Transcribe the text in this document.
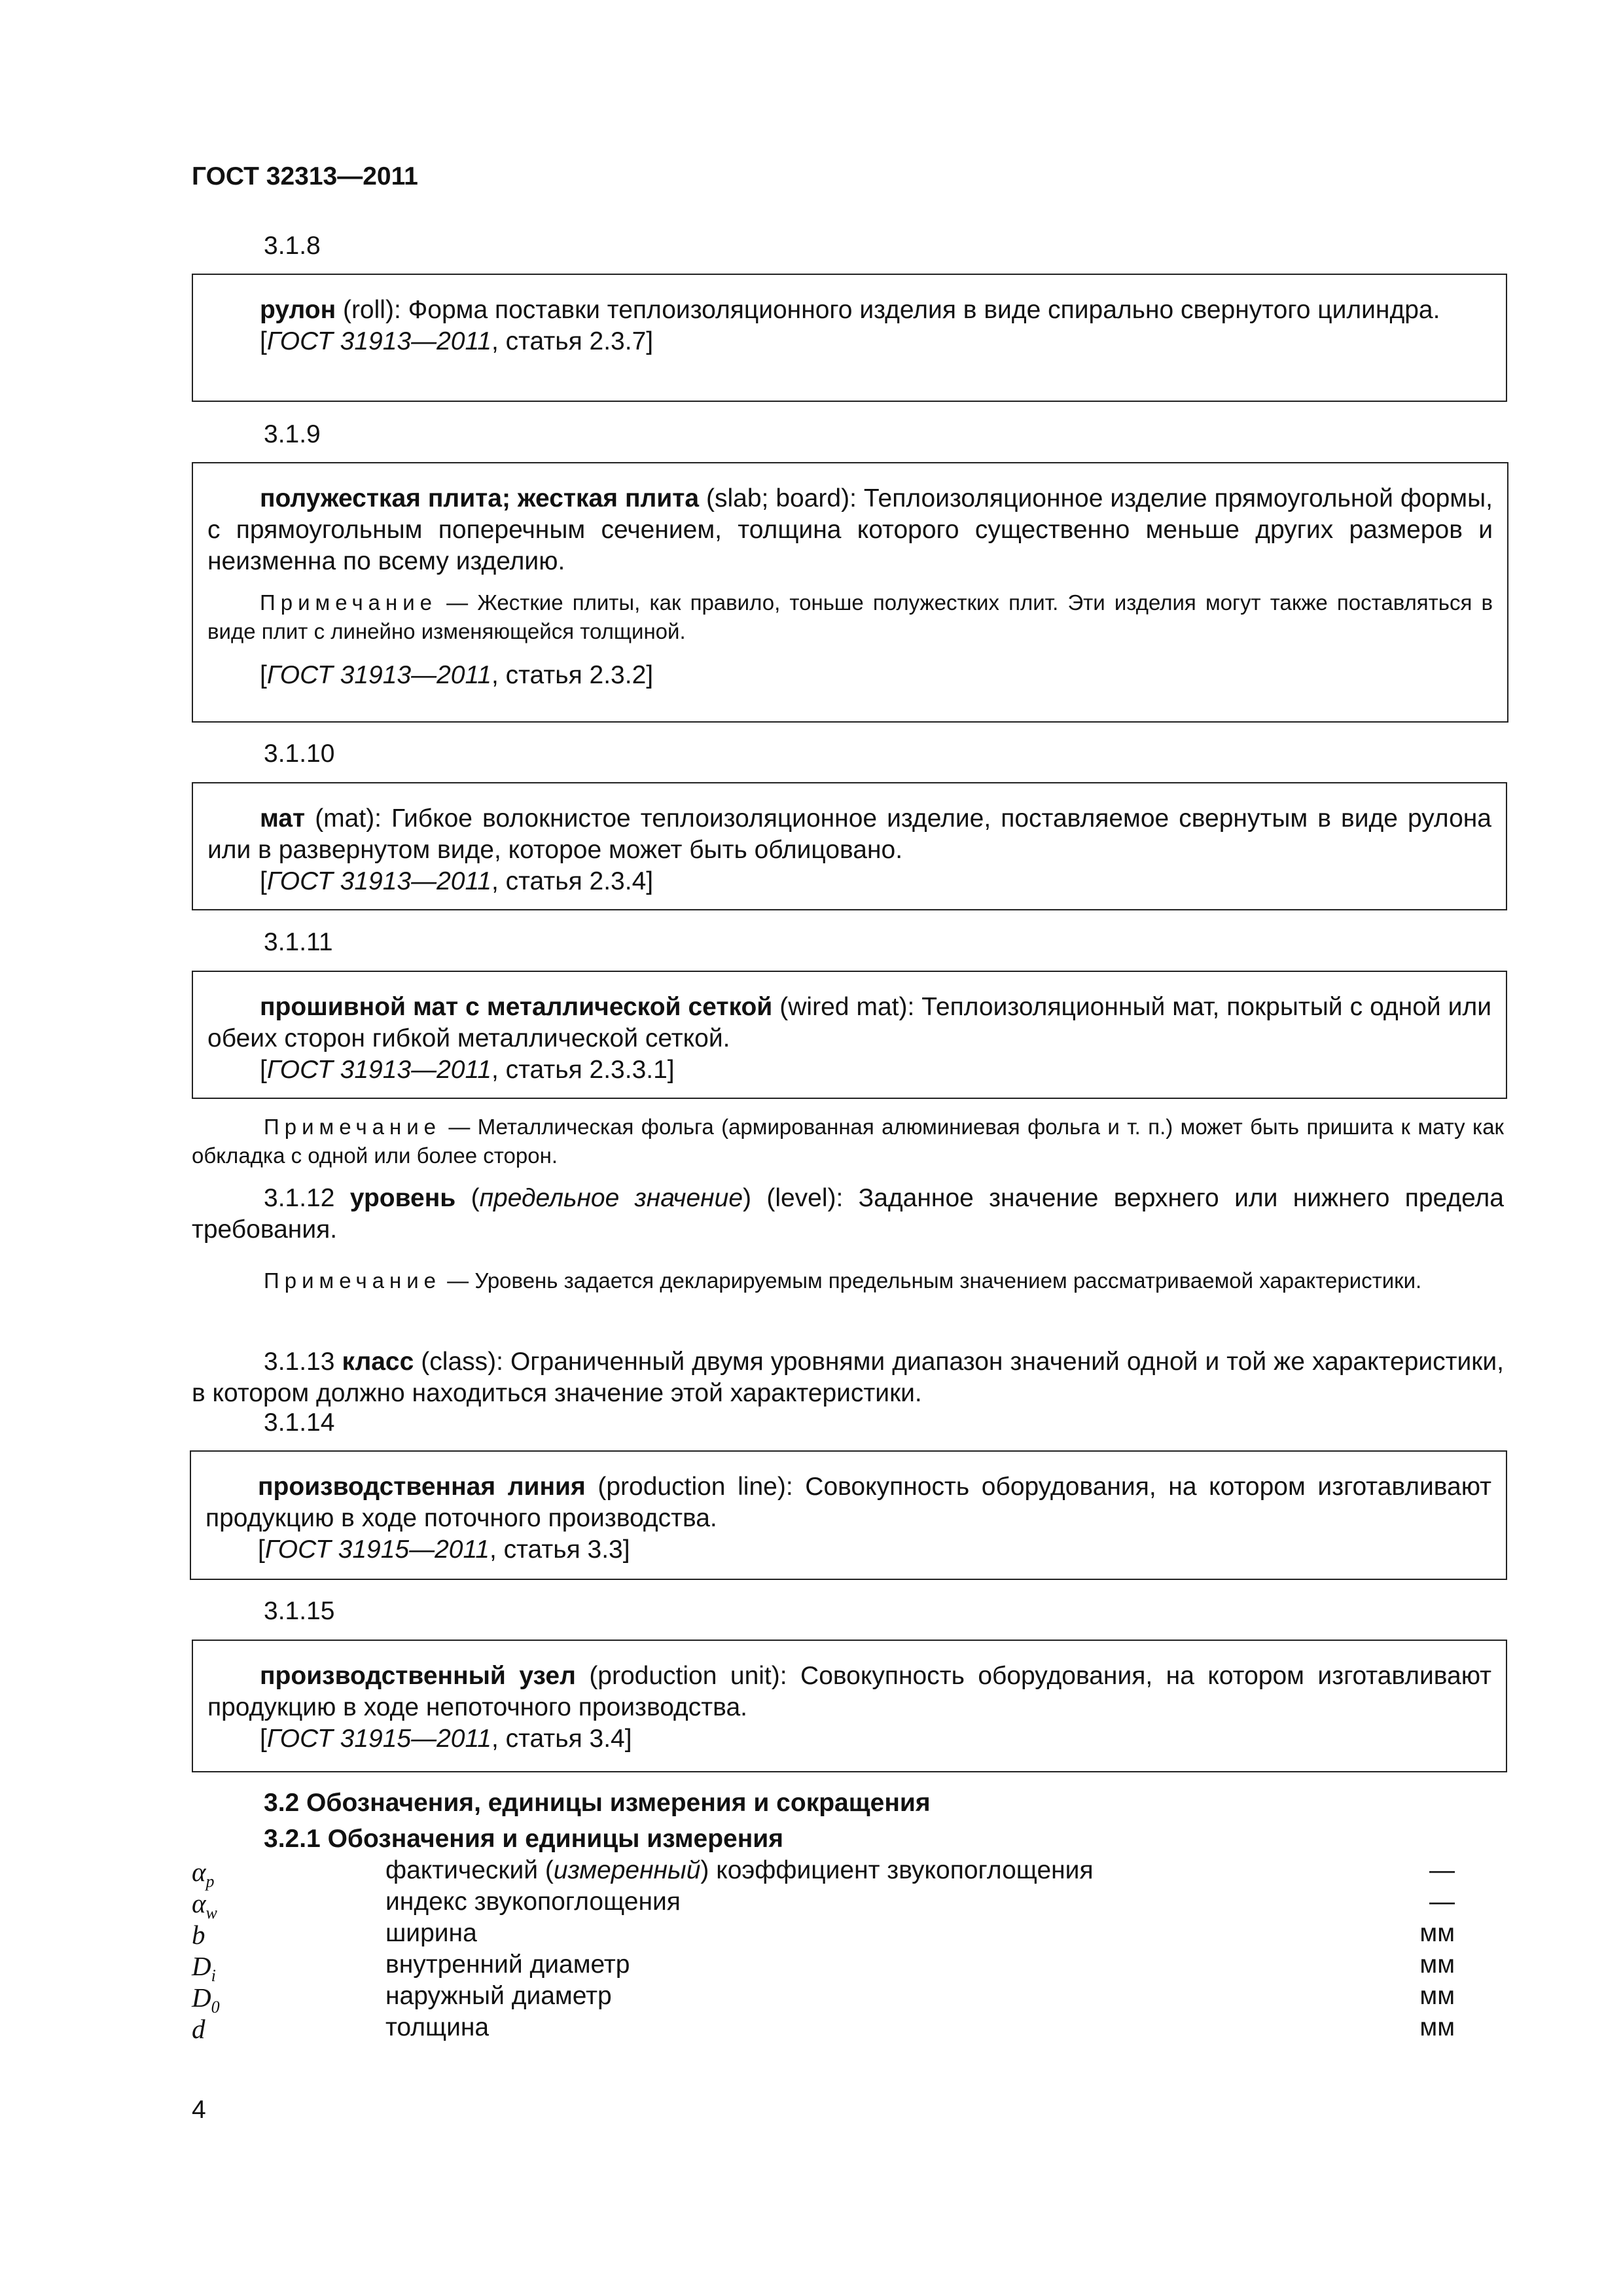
ГОСТ 32313—2011
3.1.8

рулон (roll): Форма поставки теплоизоляционного изделия в виде спирально свернутого цилиндра.

[ГОСТ 31913—2011, статья 2.3.7]

3.1.9

полужесткая плита; жесткая плита (slab; board): Теплоизоляционное изделие прямоугольной формы, с прямоугольным поперечным сечением, толщина которого существенно меньше других размеров и неизменна по всему изделию.

Примечание — Жесткие плиты, как правило, тоньше полужестких плит. Эти изделия могут также поставляться в виде плит с линейно изменяющейся толщиной.

[ГОСТ 31913—2011, статья 2.3.2]

3.1.10

мат (mat): Гибкое волокнистое теплоизоляционное изделие, поставляемое свернутым в виде рулона или в развернутом виде, которое может быть облицовано.

[ГОСТ 31913—2011, статья 2.3.4]

3.1.11

прошивной мат с металлической сеткой (wired mat): Теплоизоляционный мат, покрытый с одной или обеих сторон гибкой металлической сеткой.

[ГОСТ 31913—2011, статья 2.3.3.1]

Примечание — Металлическая фольга (армированная алюминиевая фольга и т. п.) может быть пришита к мату как обкладка с одной или более сторон.
3.1.12 уровень (предельное значение) (level): Заданное значение верхнего или нижнего предела требования.
Примечание — Уровень задается декларируемым предельным значением рассматриваемой характеристики.
3.1.13 класс (class): Ограниченный двумя уровнями диапазон значений одной и той же характеристики, в котором должно находиться значение этой характеристики.
3.1.14

производственная линия (production line): Совокупность оборудования, на котором изготавливают продукцию в ходе поточного производства.

[ГОСТ 31915—2011, статья 3.3]

3.1.15

производственный узел (production unit): Совокупность оборудования, на котором изготавливают продукцию в ходе непоточного производства.

[ГОСТ 31915—2011, статья 3.4]

3.2 Обозначения, единицы измерения и сокращения
3.2.1 Обозначения и единицы измерения
$\alpha_p$	фактический (измеренный) коэффициент звукопоглощения	—
$\alpha_w$	индекс звукопоглощения	—
b	ширина	мм
$D_i$	внутренний диаметр	мм
$D_0$	наружный диаметр	мм
d	толщина	мм
4
